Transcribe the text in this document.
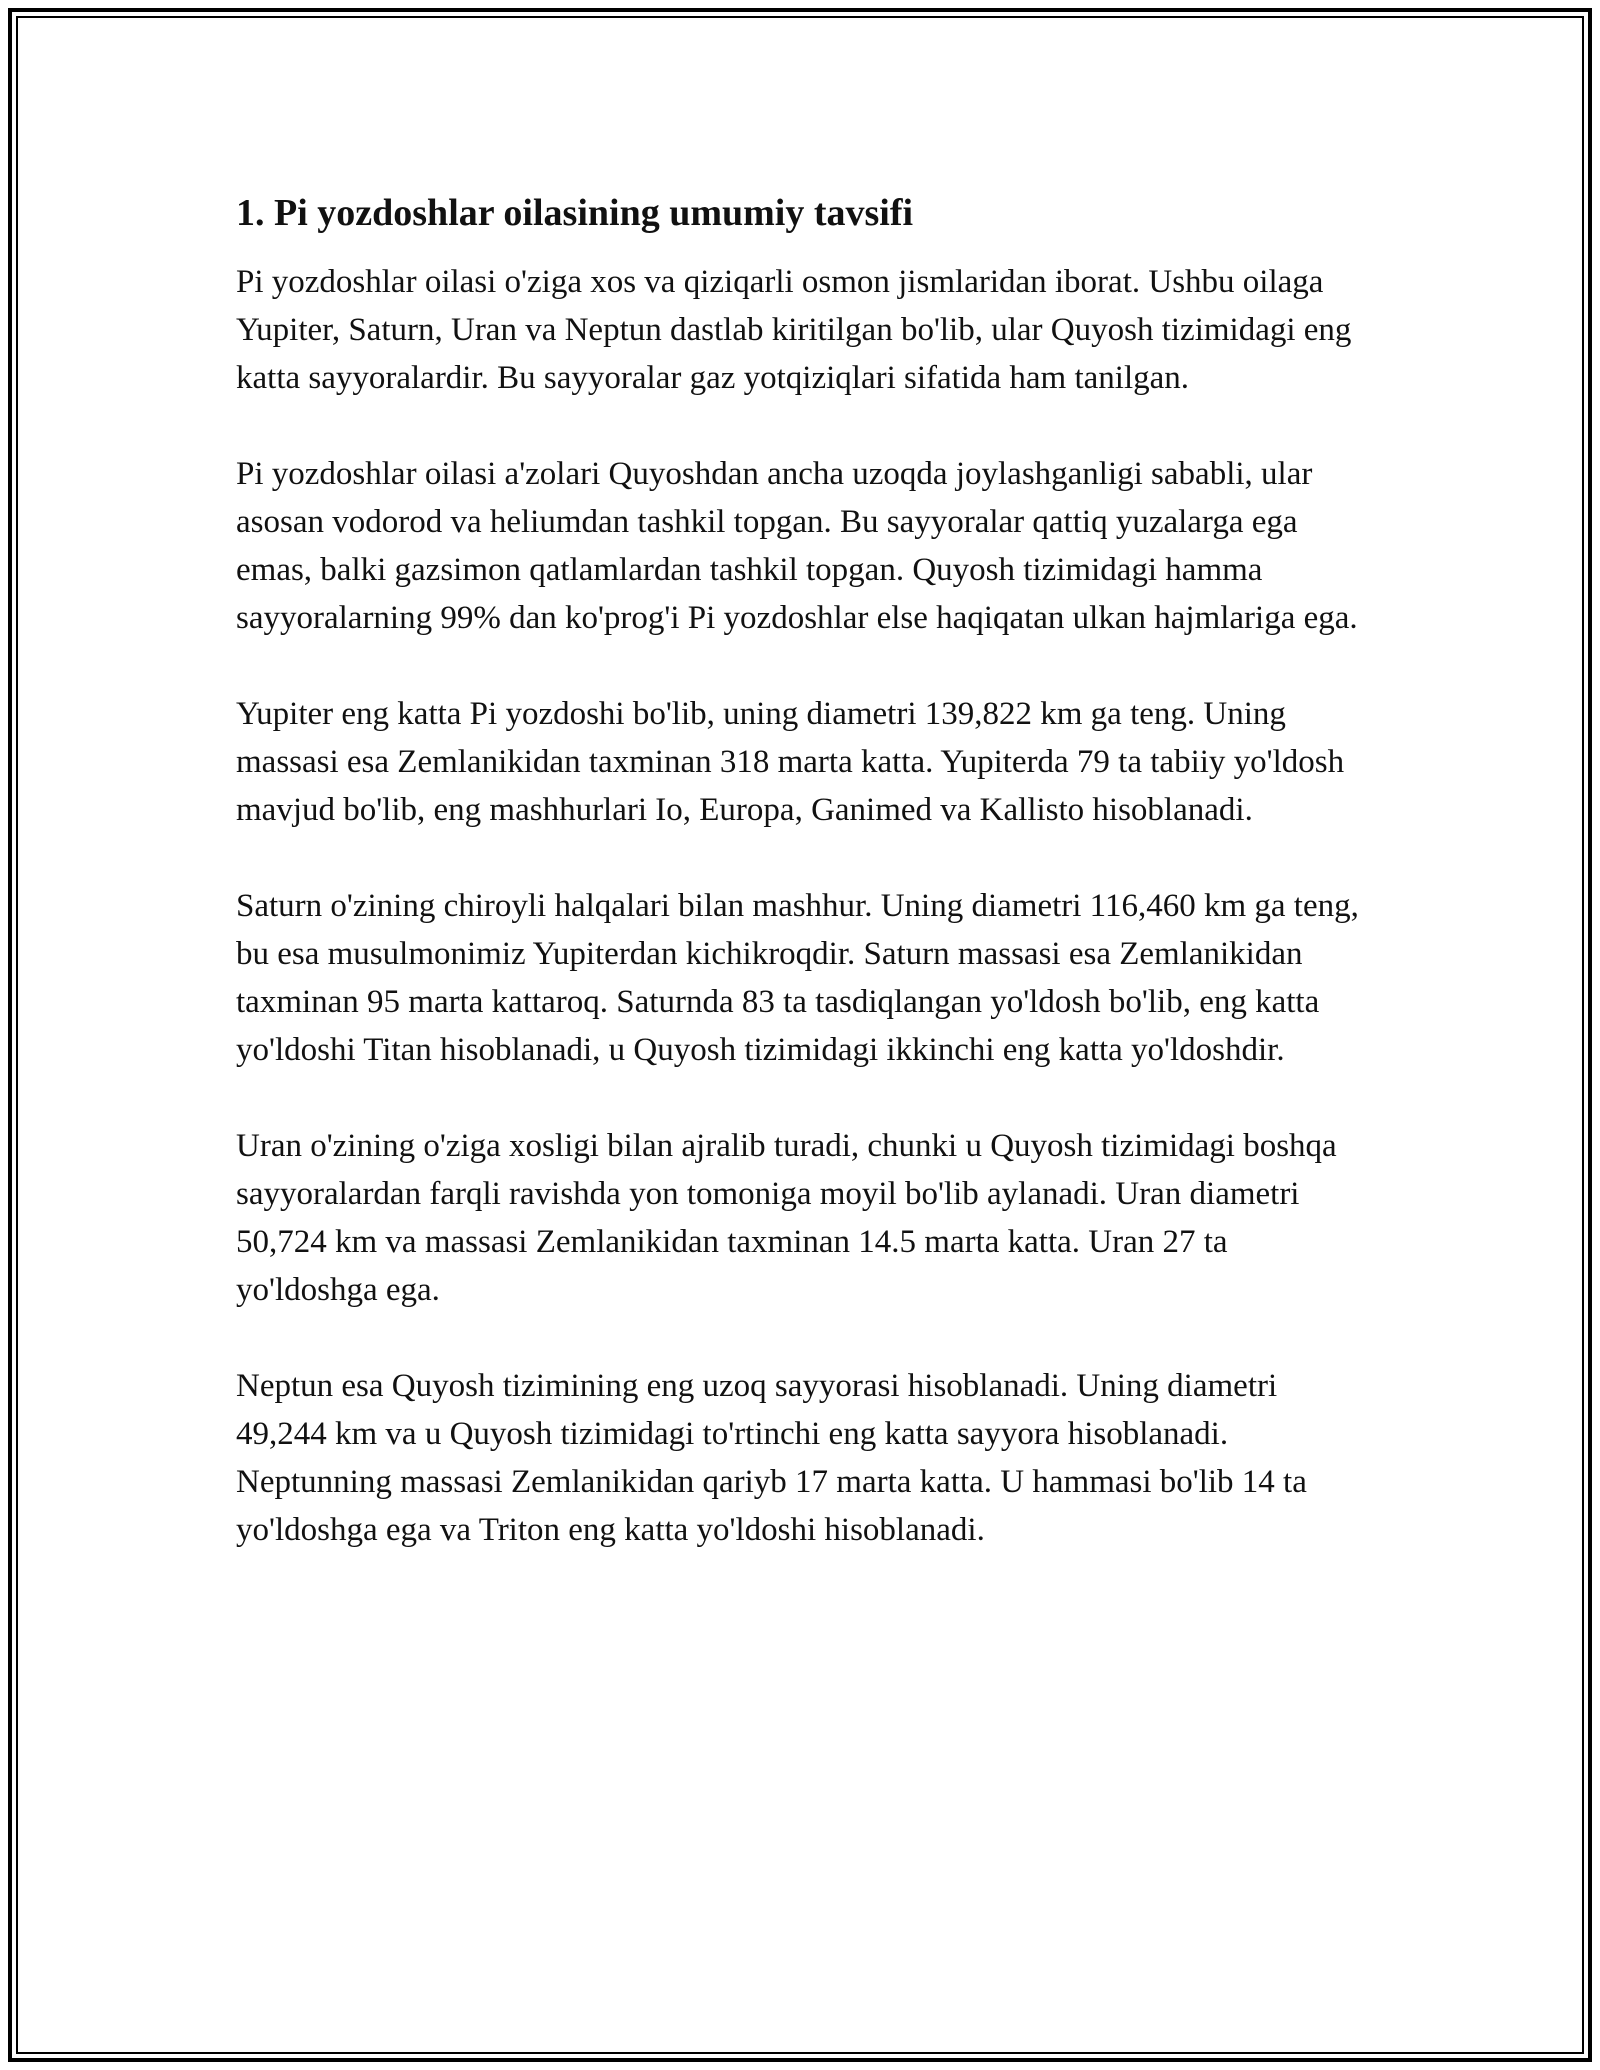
1. Pi yozdoshlar oilasining umumiy tavsifi

Pi yozdoshlar oilasi o'ziga xos va qiziqarli osmon jismlaridan iborat. Ushbu oilaga Yupiter, Saturn, Uran va Neptun dastlab kiritilgan bo'lib, ular Quyosh tizimidagi eng katta sayyoralardir. Bu sayyoralar gaz yotqiziqlari sifatida ham tanilgan.

Pi yozdoshlar oilasi a'zolari Quyoshdan ancha uzoqda joylashganligi sababli, ular asosan vodorod va heliumdan tashkil topgan. Bu sayyoralar qattiq yuzalarga ega emas, balki gazsimon qatlamlardan tashkil topgan. Quyosh tizimidagi hamma sayyoralarning 99% dan ko'prog'i Pi yozdoshlar else haqiqatan ulkan hajmlariga ega.

Yupiter eng katta Pi yozdoshi bo'lib, uning diametri 139,822 km ga teng. Uning massasi esa Zemlanikidan taxminan 318 marta katta. Yupiterda 79 ta tabiiy yo'ldosh mavjud bo'lib, eng mashhurlari Io, Europa, Ganimed va Kallisto hisoblanadi.

Saturn o'zining chiroyli halqalari bilan mashhur. Uning diametri 116,460 km ga teng, bu esa musulmonimiz Yupiterdan kichikroqdir. Saturn massasi esa Zemlanikidan taxminan 95 marta kattaroq. Saturnda 83 ta tasdiqlangan yo'ldosh bo'lib, eng katta yo'ldoshi Titan hisoblanadi, u Quyosh tizimidagi ikkinchi eng katta yo'ldoshdir.

Uran o'zining o'ziga xosligi bilan ajralib turadi, chunki u Quyosh tizimidagi boshqa sayyoralardan farqli ravishda yon tomoniga moyil bo'lib aylanadi. Uran diametri 50,724 km va massasi Zemlanikidan taxminan 14.5 marta katta. Uran 27 ta yo'ldoshga ega.

Neptun esa Quyosh tizimining eng uzoq sayyorasi hisoblanadi. Uning diametri 49,244 km va u Quyosh tizimidagi to'rtinchi eng katta sayyora hisoblanadi. Neptunning massasi Zemlanikidan qariyb 17 marta katta. U hammasi bo'lib 14 ta yo'ldoshga ega va Triton eng katta yo'ldoshi hisoblanadi.
